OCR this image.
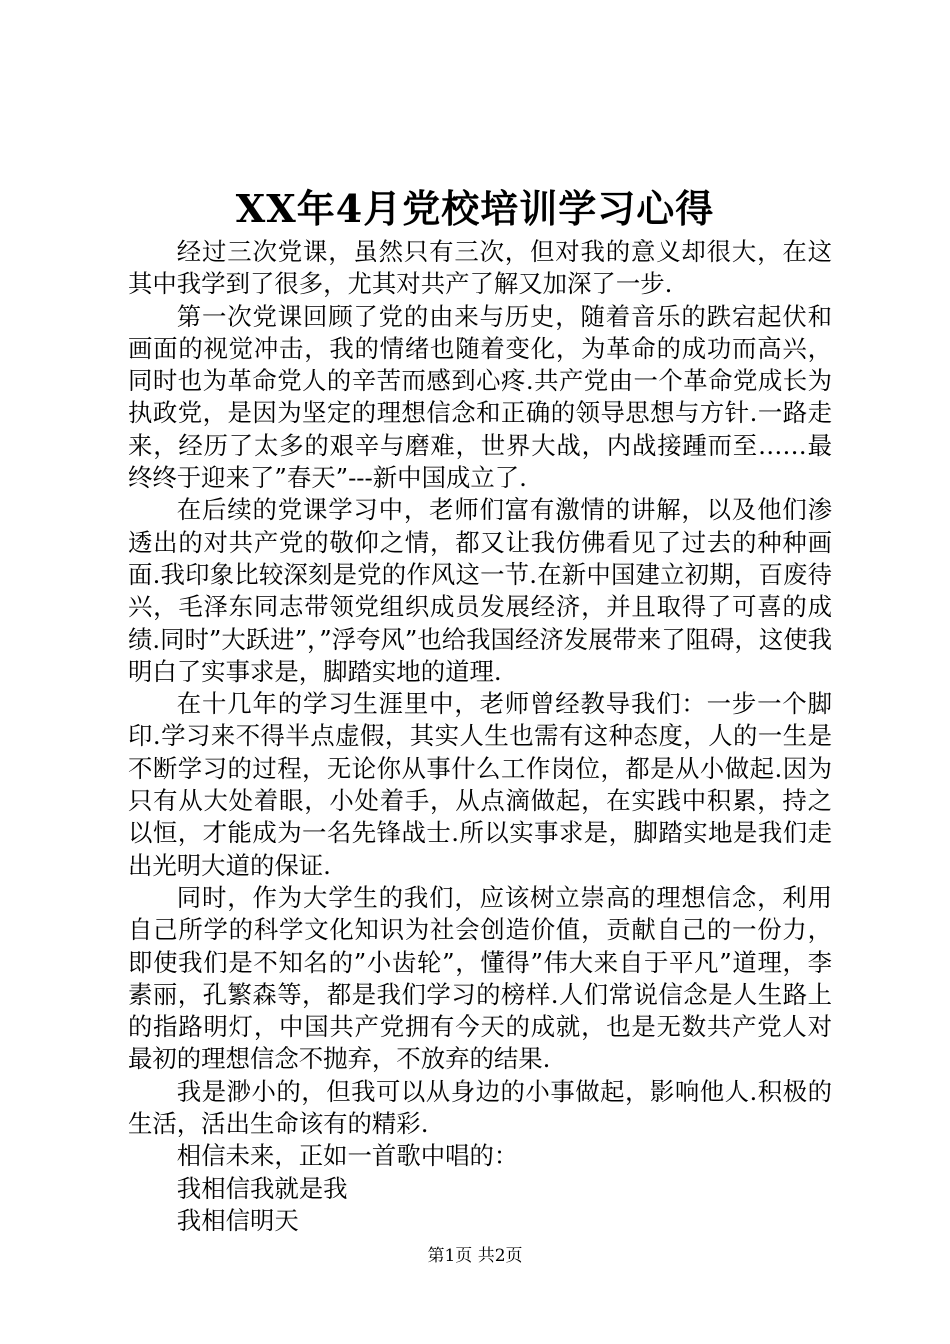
XX年4月党校培训学习心得

经过三次党课，虽然只有三次，但对我的意义却很大，在这其中我学到了很多，尤其对共产了解又加深了一步.

第一次党课回顾了党的由来与历史，随着音乐的跌宕起伏和画面的视觉冲击，我的情绪也随着变化，为革命的成功而高兴，同时也为革命党人的辛苦而感到心疼.共产党由一个革命党成长为执政党，是因为坚定的理想信念和正确的领导思想与方针.一路走来，经历了太多的艰辛与磨难，世界大战，内战接踵而至……最终终于迎来了”春天”---新中国成立了.

在后续的党课学习中，老师们富有激情的讲解，以及他们渗透出的对共产党的敬仰之情，都又让我仿佛看见了过去的种种画面.我印象比较深刻是党的作风这一节.在新中国建立初期，百废待兴，毛泽东同志带领党组织成员发展经济，并且取得了可喜的成绩.同时”大跃进”，”浮夸风”也给我国经济发展带来了阻碍，这使我明白了实事求是，脚踏实地的道理.

在十几年的学习生涯里中，老师曾经教导我们：一步一个脚印.学习来不得半点虚假，其实人生也需有这种态度，人的一生是不断学习的过程，无论你从事什么工作岗位，都是从小做起.因为只有从大处着眼，小处着手，从点滴做起，在实践中积累，持之以恒，才能成为一名先锋战士.所以实事求是，脚踏实地是我们走出光明大道的保证.

同时，作为大学生的我们，应该树立崇高的理想信念，利用自己所学的科学文化知识为社会创造价值，贡献自己的一份力，即使我们是不知名的”小齿轮”，懂得”伟大来自于平凡”道理，李素丽，孔繁森等，都是我们学习的榜样.人们常说信念是人生路上的指路明灯，中国共产党拥有今天的成就，也是无数共产党人对最初的理想信念不抛弃，不放弃的结果.

我是渺小的，但我可以从身边的小事做起，影响他人.积极的生活，活出生命该有的精彩.

相信未来，正如一首歌中唱的：

我相信我就是我

我相信明天

第1页 共2页
